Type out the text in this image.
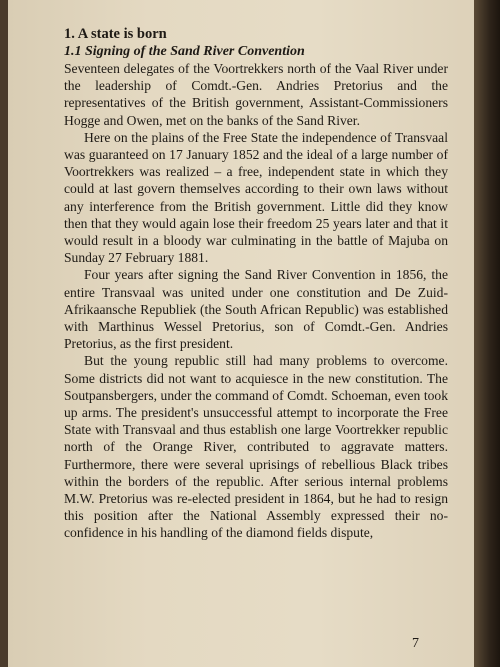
1. A state is born
1.1 Signing of the Sand River Convention

Seventeen delegates of the Voortrekkers north of the Vaal River under the leadership of Comdt.-Gen. Andries Pretorius and the representatives of the British government, Assistant-Commissioners Hogge and Owen, met on the banks of the Sand River.

Here on the plains of the Free State the independence of Transvaal was guaranteed on 17 January 1852 and the ideal of a large number of Voortrekkers was realized – a free, independent state in which they could at last govern themselves according to their own laws without any interference from the British government. Little did they know then that they would again lose their freedom 25 years later and that it would result in a bloody war culminating in the battle of Majuba on Sunday 27 February 1881.

Four years after signing the Sand River Convention in 1856, the entire Transvaal was united under one constitution and De Zuid-Afrikaansche Republiek (the South African Republic) was established with Marthinus Wessel Pretorius, son of Comdt.-Gen. Andries Pretorius, as the first president.

But the young republic still had many problems to overcome. Some districts did not want to acquiesce in the new constitution. The Soutpansbergers, under the command of Comdt. Schoeman, even took up arms. The president's unsuccessful attempt to incorporate the Free State with Transvaal and thus establish one large Voortrekker republic north of the Orange River, contributed to aggravate matters. Furthermore, there were several uprisings of rebellious Black tribes within the borders of the republic. After serious internal problems M.W. Pretorius was re-elected president in 1864, but he had to resign this position after the National Assembly expressed their no-confidence in his handling of the diamond fields dispute,

7
